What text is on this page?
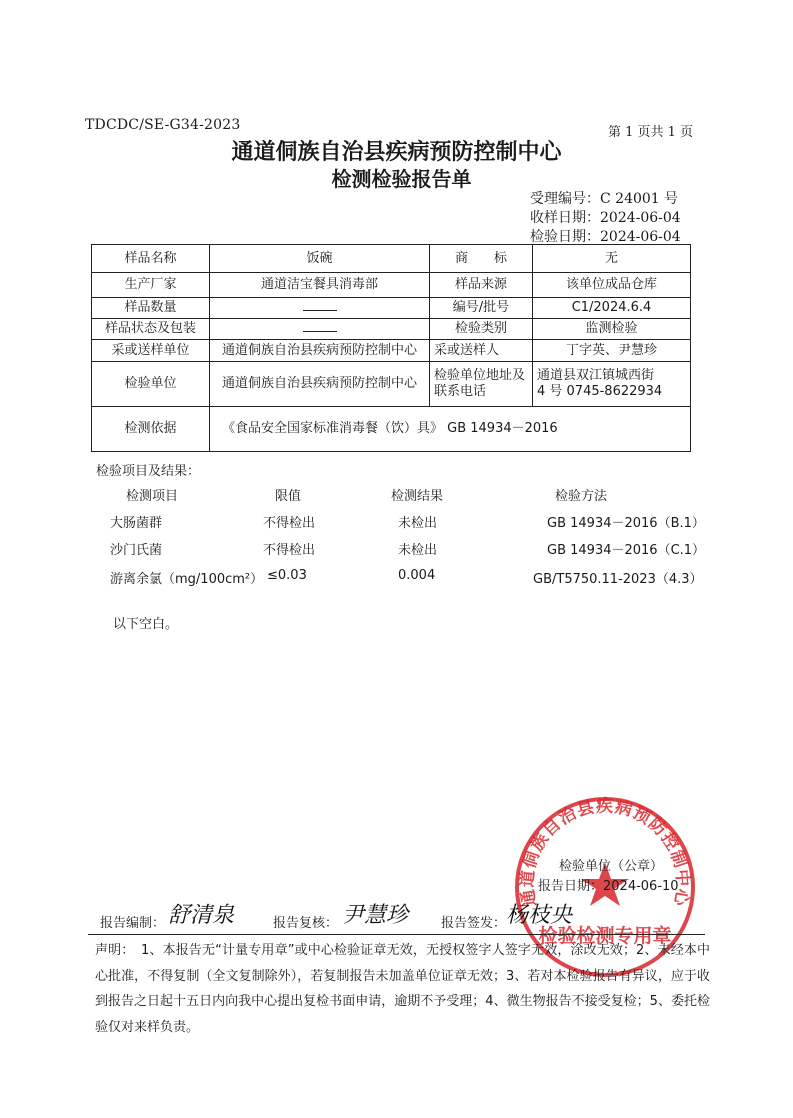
TDCDC/SE-G34-2023	第 1 页共 1 页
通道侗族自治县疾病预防控制中心
检测检验报告单
受理编号：C 24001 号
收样日期：2024-06-04
检验日期：2024-06-04
样品名称	饭碗	商　　标	无
生产厂家	通道洁宝餐具消毒部	样品来源	该单位成品仓库
样品数量		编号/批号	C1/2024.6.4
样品状态及包装		检验类别	监测检验
采或送样单位	通道侗族自治县疾病预防控制中心	采或送样人	丁字英、尹慧珍
检验单位	通道侗族自治县疾病预防控制中心	检验单位地址及联系电话	通道县双江镇城西街
4 号 0745-8622934

检测依据	《食品安全国家标准消毒餐（饮）具》 GB 14934－2016		
检验项目及结果：
检测项目	限值	检测结果	检验方法
大肠菌群	不得检出	未检出	GB 14934－2016（B.1）
沙门氏菌	不得检出	未检出	GB 14934－2016（C.1）
游离余氯（mg/100cm²） ≤0.03	0.004	GB/T5750.11-2023（4.3）
以下空白。
通道侗族自治县疾病预防控制中心
检验检测专用章
检验单位（公章）
报告日期：2024-06-10
报告编制： 舒清泉	报告复核： 尹慧珍	报告签发： 杨枝央
声明：　1、本报告无“计量专用章”或中心检验证章无效，无授权签字人签字无效，涂改无效；2、未经本中心批准，不得复制（全文复制除外），若复制报告未加盖单位证章无效；3、若对本检验报告有异议，应于收到报告之日起十五日内向我中心提出复检书面申请，逾期不予受理；4、微生物报告不接受复检；5、委托检验仅对来样负责。
